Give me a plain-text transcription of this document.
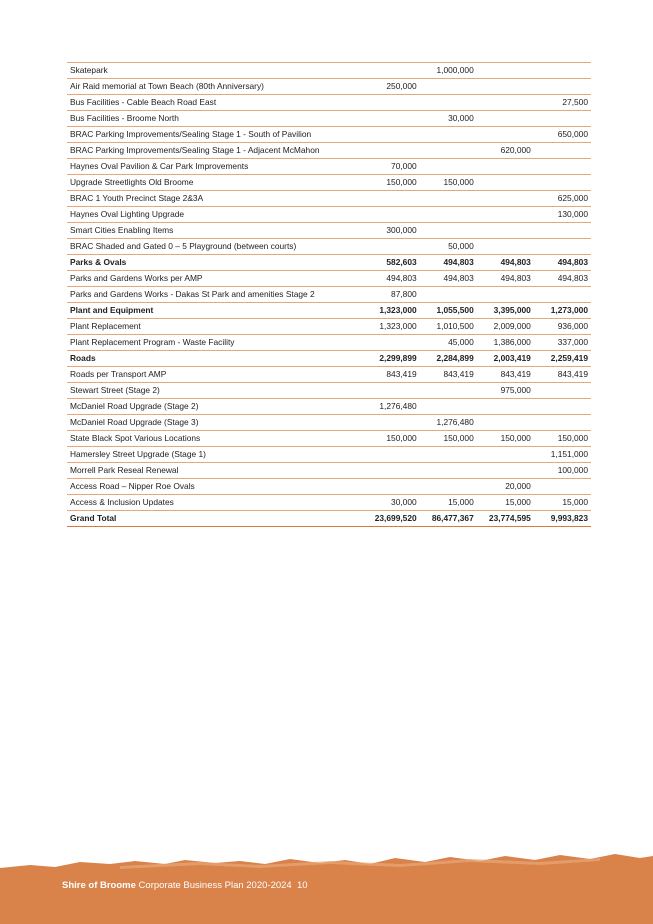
Skatepark		1,000,000		
Air Raid memorial at Town Beach (80th Anniversary)	250,000			
Bus Facilities - Cable Beach Road East				27,500
Bus Facilities - Broome North		30,000		
BRAC Parking Improvements/Sealing Stage 1 - South of Pavilion				650,000
BRAC Parking Improvements/Sealing Stage 1 - Adjacent McMahon			620,000	
Haynes Oval Pavilion & Car Park Improvements	70,000			
Upgrade Streetlights Old Broome	150,000	150,000		
BRAC 1 Youth Precinct Stage 2&3A				625,000
Haynes Oval Lighting Upgrade				130,000
Smart Cities Enabling Items	300,000			
BRAC Shaded and Gated 0 – 5 Playground (between courts)		50,000		
Parks & Ovals	582,603	494,803	494,803	494,803
Parks and Gardens Works per AMP	494,803	494,803	494,803	494,803
Parks and Gardens Works - Dakas St Park and amenities Stage 2	87,800			
Plant and Equipment	1,323,000	1,055,500	3,395,000	1,273,000
Plant Replacement	1,323,000	1,010,500	2,009,000	936,000
Plant Replacement Program - Waste Facility		45,000	1,386,000	337,000
Roads	2,299,899	2,284,899	2,003,419	2,259,419
Roads per Transport AMP	843,419	843,419	843,419	843,419
Stewart Street (Stage 2)			975,000	
McDaniel Road Upgrade (Stage 2)	1,276,480			
McDaniel Road Upgrade (Stage 3)		1,276,480		
State Black Spot Various Locations	150,000	150,000	150,000	150,000
Hamersley Street Upgrade (Stage 1)				1,151,000
Morrell Park Reseal Renewal				100,000
Access Road – Nipper Roe Ovals			20,000	
Access & Inclusion Updates	30,000	15,000	15,000	15,000
Grand Total	23,699,520	86,477,367	23,774,595	9,993,823
Shire of Broome Corporate Business Plan 2020-2024 10
